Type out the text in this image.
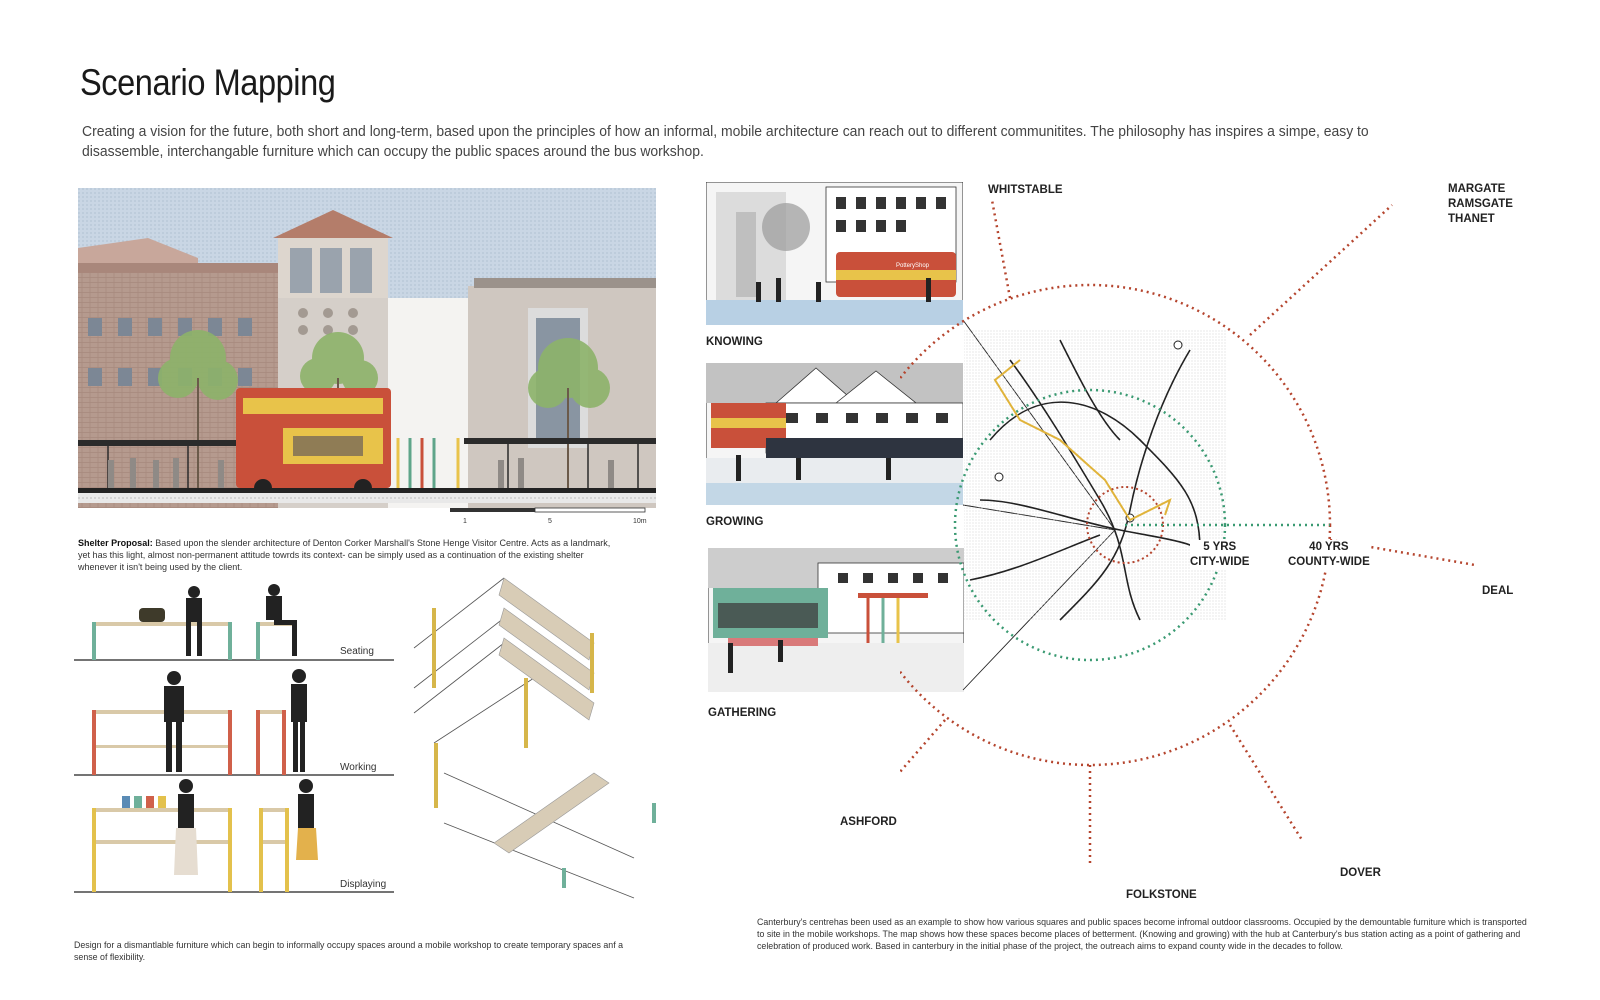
Scenario Mapping
Creating a vision for the future, both short and long-term, based upon the principles of how an informal, mobile architecture can reach out to different communitites. The philosophy has inspires a simpe, easy to disassemble, interchangable furniture which can occupy the public spaces around the bus workshop.
1	5	10m
Shelter Proposal: Based upon the slender architecture of Denton Corker Marshall's Stone Henge Visitor Centre. Acts as a landmark, yet has this light, almost non-permanent attitude towrds its context- can be simply used as a continuation of the existing shelter whenever it isn't being used by the client.
Seating
Working
Displaying
Design for a dismantlable furniture which can begin to informally occupy spaces around a mobile workshop to create temporary spaces anf a sense of flexibility.
PotteryShop
KNOWING
GROWING
GATHERING
WHITSTABLE	MARGATE
RAMSGATE
THANET
DEAL
DOVER
FOLKSTONE
ASHFORD
5 YRS
CITY-WIDE
40 YRS
COUNTY-WIDE
Canterbury's centrehas been used as an example to show how various squares and public spaces become infromal outdoor classrooms. Occupied by the demountable furniture which is transported to site in the mobile workshops. The map shows how these spaces become places of betterment. (Knowing and growing) with the hub at Canterbury's bus station acting as a point of gathering and celebration of produced work. Based in canterbury in the initial phase of the project, the outreach aims to expand county wide in the decades to follow.
